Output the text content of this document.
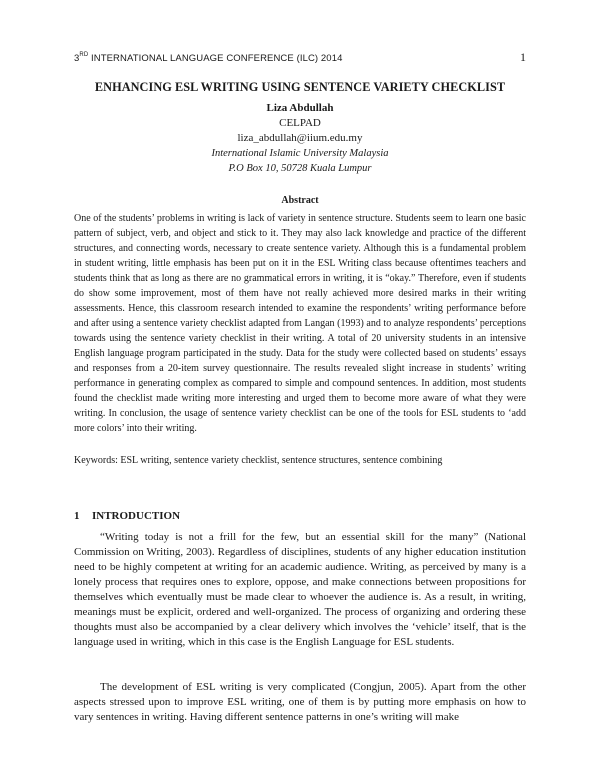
3RD INTERNATIONAL LANGUAGE CONFERENCE (ILC) 2014	1
ENHANCING ESL WRITING USING SENTENCE VARIETY CHECKLIST
Liza Abdullah
CELPAD
liza_abdullah@iium.edu.my
International Islamic University Malaysia
P.O Box 10, 50728 Kuala Lumpur
Abstract

One of the students’ problems in writing is lack of variety in sentence structure. Students seem to learn one basic pattern of subject, verb, and object and stick to it. They may also lack knowledge and practice of the different structures, and connecting words, necessary to create sentence variety. Although this is a fundamental problem in student writing, little emphasis has been put on it in the ESL Writing class because oftentimes teachers and students think that as long as there are no grammatical errors in writing, it is “okay.” Therefore, even if students do show some improvement, most of them have not really achieved more desired marks in their writing assessments. Hence, this classroom research intended to examine the respondents’ writing performance before and after using a sentence variety checklist adapted from Langan (1993) and to analyze respondents’ perceptions towards using the sentence variety checklist in their writing. A total of 20 university students in an intensive English language program participated in the study. Data for the study were collected based on students’ essays and responses from a 20-item survey questionnaire. The results revealed slight increase in students’ writing performance in generating complex as compared to simple and compound sentences. In addition, most students found the checklist made writing more interesting and urged them to become more aware of what they were writing. In conclusion, the usage of sentence variety checklist can be one of the tools for ESL students to ‘add more colors’ into their writing.

Keywords: ESL writing, sentence variety checklist, sentence structures, sentence combining
1 INTRODUCTION

“Writing today is not a frill for the few, but an essential skill for the many” (National Commission on Writing, 2003). Regardless of disciplines, students of any higher education institution need to be highly competent at writing for an academic audience. Writing, as perceived by many is a lonely process that requires ones to explore, oppose, and make connections between propositions for themselves which eventually must be made clear to whoever the audience is. As a result, in writing, meanings must be explicit, ordered and well-organized. The process of organizing and ordering these thoughts must also be accompanied by a clear delivery which involves the ‘vehicle’ itself, that is the language used in writing, which in this case is the English Language for ESL students.

The development of ESL writing is very complicated (Congjun, 2005). Apart from the other aspects stressed upon to improve ESL writing, one of them is by putting more emphasis on how to vary sentences in writing. Having different sentence patterns in one’s writing will make
